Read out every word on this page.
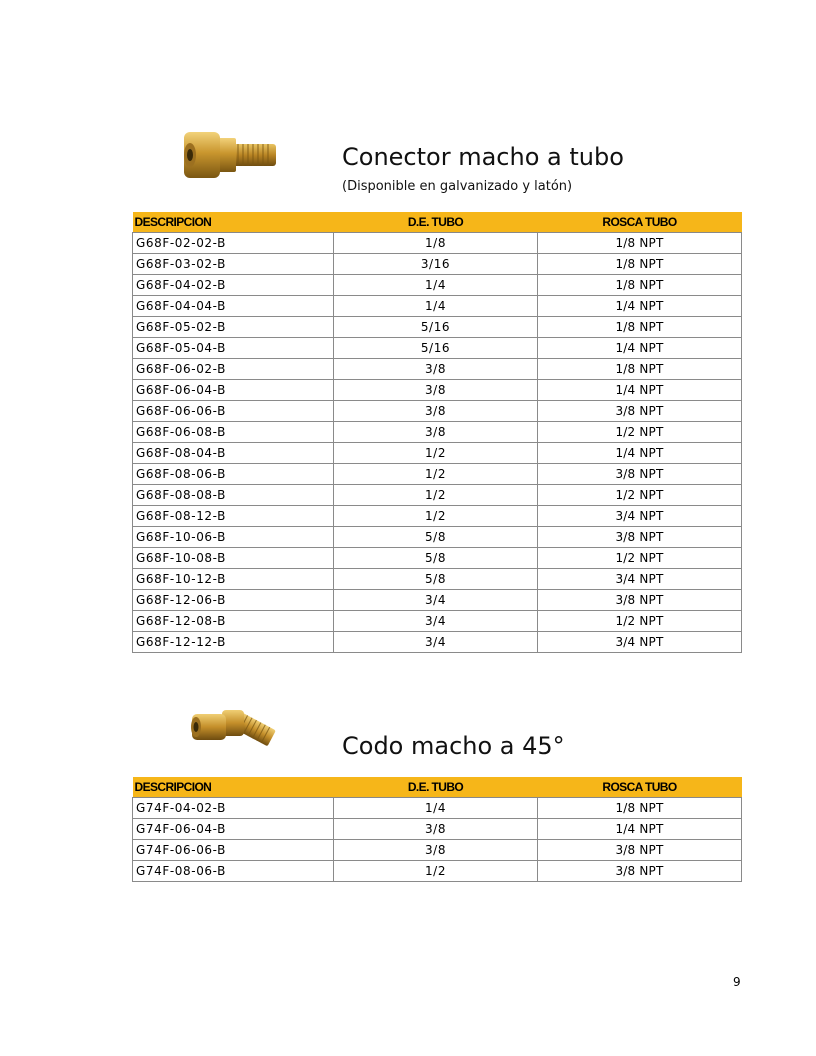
Conector macho a tubo

(Disponible en galvanizado y latón)

DESCRIPCION	D.E. TUBO	ROSCA TUBO
G68F-02-02-B	1/8	1/8 NPT
G68F-03-02-B	3/16	1/8 NPT
G68F-04-02-B	1/4	1/8 NPT
G68F-04-04-B	1/4	1/4 NPT
G68F-05-02-B	5/16	1/8 NPT
G68F-05-04-B	5/16	1/4 NPT
G68F-06-02-B	3/8	1/8 NPT
G68F-06-04-B	3/8	1/4 NPT
G68F-06-06-B	3/8	3/8 NPT
G68F-06-08-B	3/8	1/2 NPT
G68F-08-04-B	1/2	1/4 NPT
G68F-08-06-B	1/2	3/8 NPT
G68F-08-08-B	1/2	1/2 NPT
G68F-08-12-B	1/2	3/4 NPT
G68F-10-06-B	5/8	3/8 NPT
G68F-10-08-B	5/8	1/2 NPT
G68F-10-12-B	5/8	3/4 NPT
G68F-12-06-B	3/4	3/8 NPT
G68F-12-08-B	3/4	1/2 NPT
G68F-12-12-B	3/4	3/4 NPT
Codo macho a 45°
DESCRIPCION	D.E. TUBO	ROSCA TUBO
G74F-04-02-B	1/4	1/8 NPT
G74F-06-04-B	3/8	1/4 NPT
G74F-06-06-B	3/8	3/8 NPT
G74F-08-06-B	1/2	3/8 NPT

9
